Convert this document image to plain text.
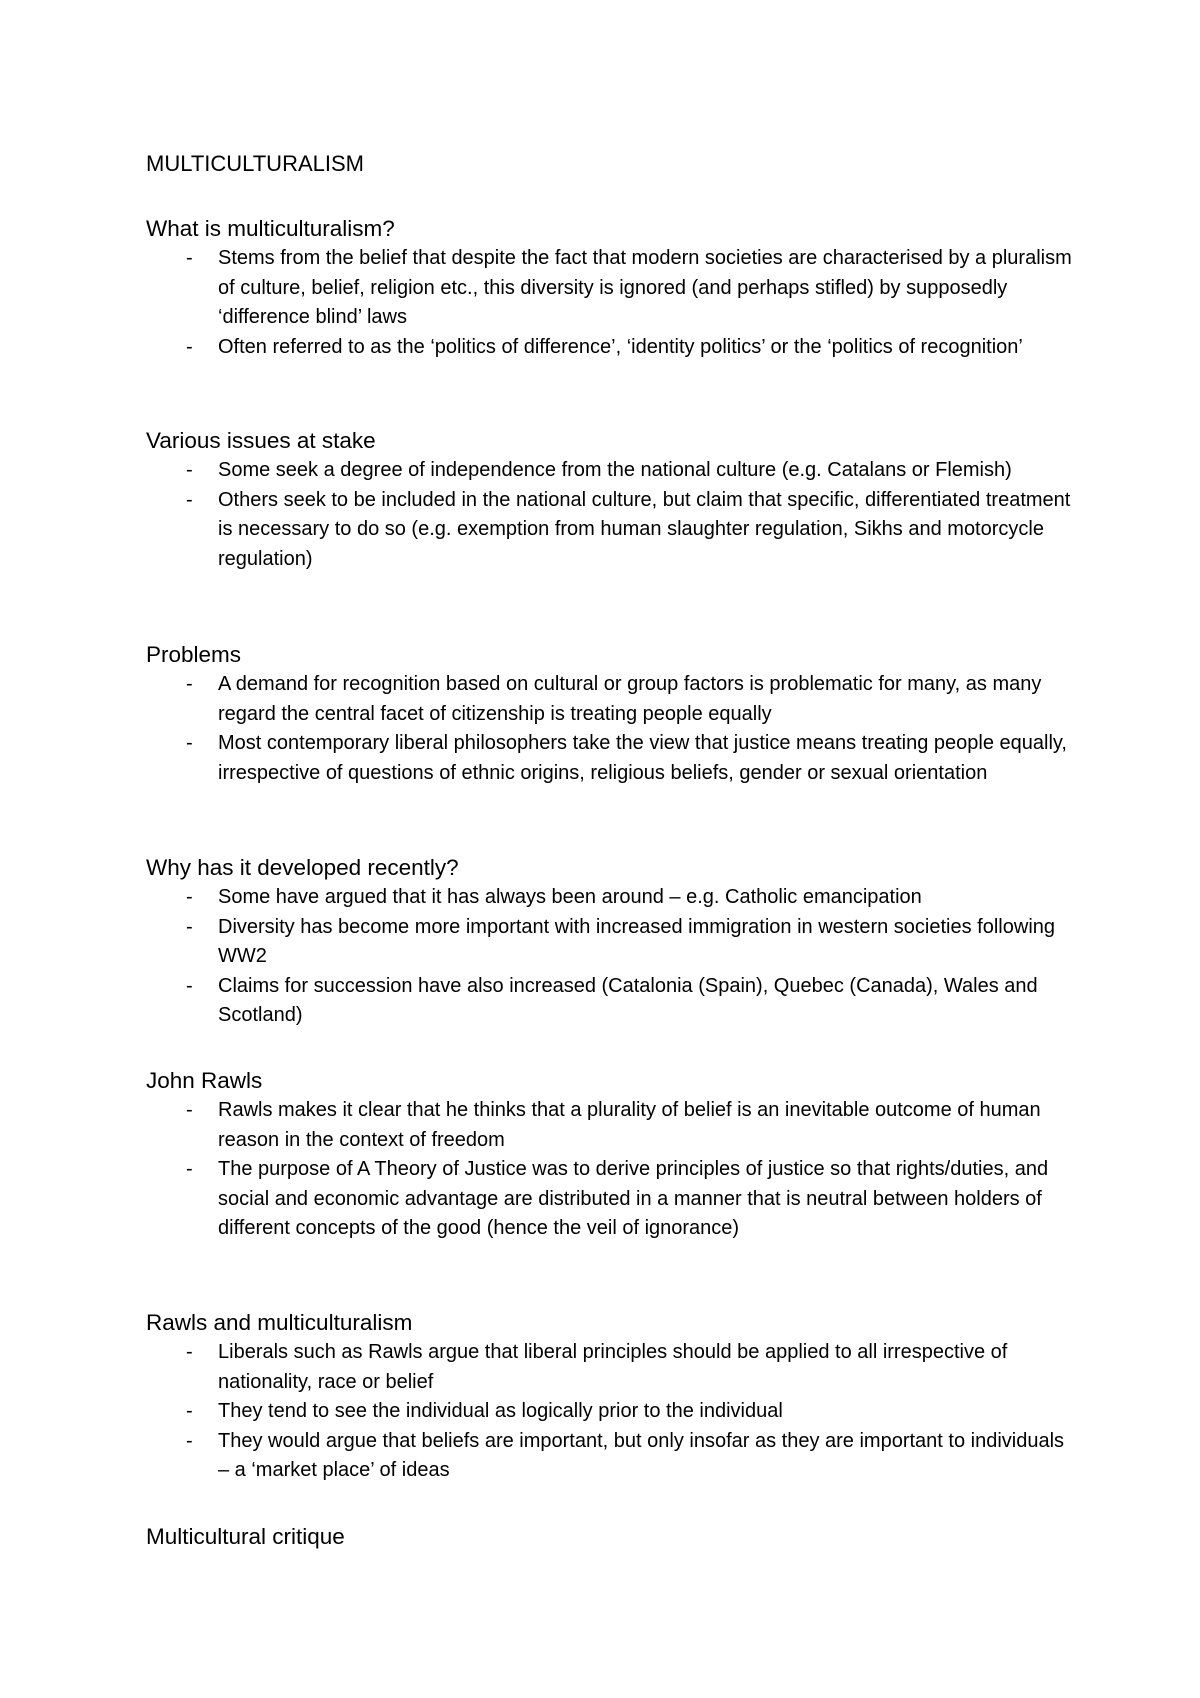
MULTICULTURALISM
What is multiculturalism?
- Stems from the belief that despite the fact that modern societies are characterised by a pluralism of culture, belief, religion etc., this diversity is ignored (and perhaps stifled) by supposedly ‘difference blind’ laws
- Often referred to as the ‘politics of difference’, ‘identity politics’ or the ‘politics of recognition’
Various issues at stake
- Some seek a degree of independence from the national culture (e.g. Catalans or Flemish)
- Others seek to be included in the national culture, but claim that specific, differentiated treatment is necessary to do so (e.g. exemption from human slaughter regulation, Sikhs and motorcycle regulation)
Problems
- A demand for recognition based on cultural or group factors is problematic for many, as many regard the central facet of citizenship is treating people equally
- Most contemporary liberal philosophers take the view that justice means treating people equally, irrespective of questions of ethnic origins, religious beliefs, gender or sexual orientation
Why has it developed recently?
- Some have argued that it has always been around – e.g. Catholic emancipation
- Diversity has become more important with increased immigration in western societies following WW2
- Claims for succession have also increased (Catalonia (Spain), Quebec (Canada), Wales and Scotland)
John Rawls
- Rawls makes it clear that he thinks that a plurality of belief is an inevitable outcome of human reason in the context of freedom
- The purpose of A Theory of Justice was to derive principles of justice so that rights/duties, and social and economic advantage are distributed in a manner that is neutral between holders of different concepts of the good (hence the veil of ignorance)
Rawls and multiculturalism
- Liberals such as Rawls argue that liberal principles should be applied to all irrespective of nationality, race or belief
- They tend to see the individual as logically prior to the individual
- They would argue that beliefs are important, but only insofar as they are important to individuals – a ‘market place’ of ideas
Multicultural critique
